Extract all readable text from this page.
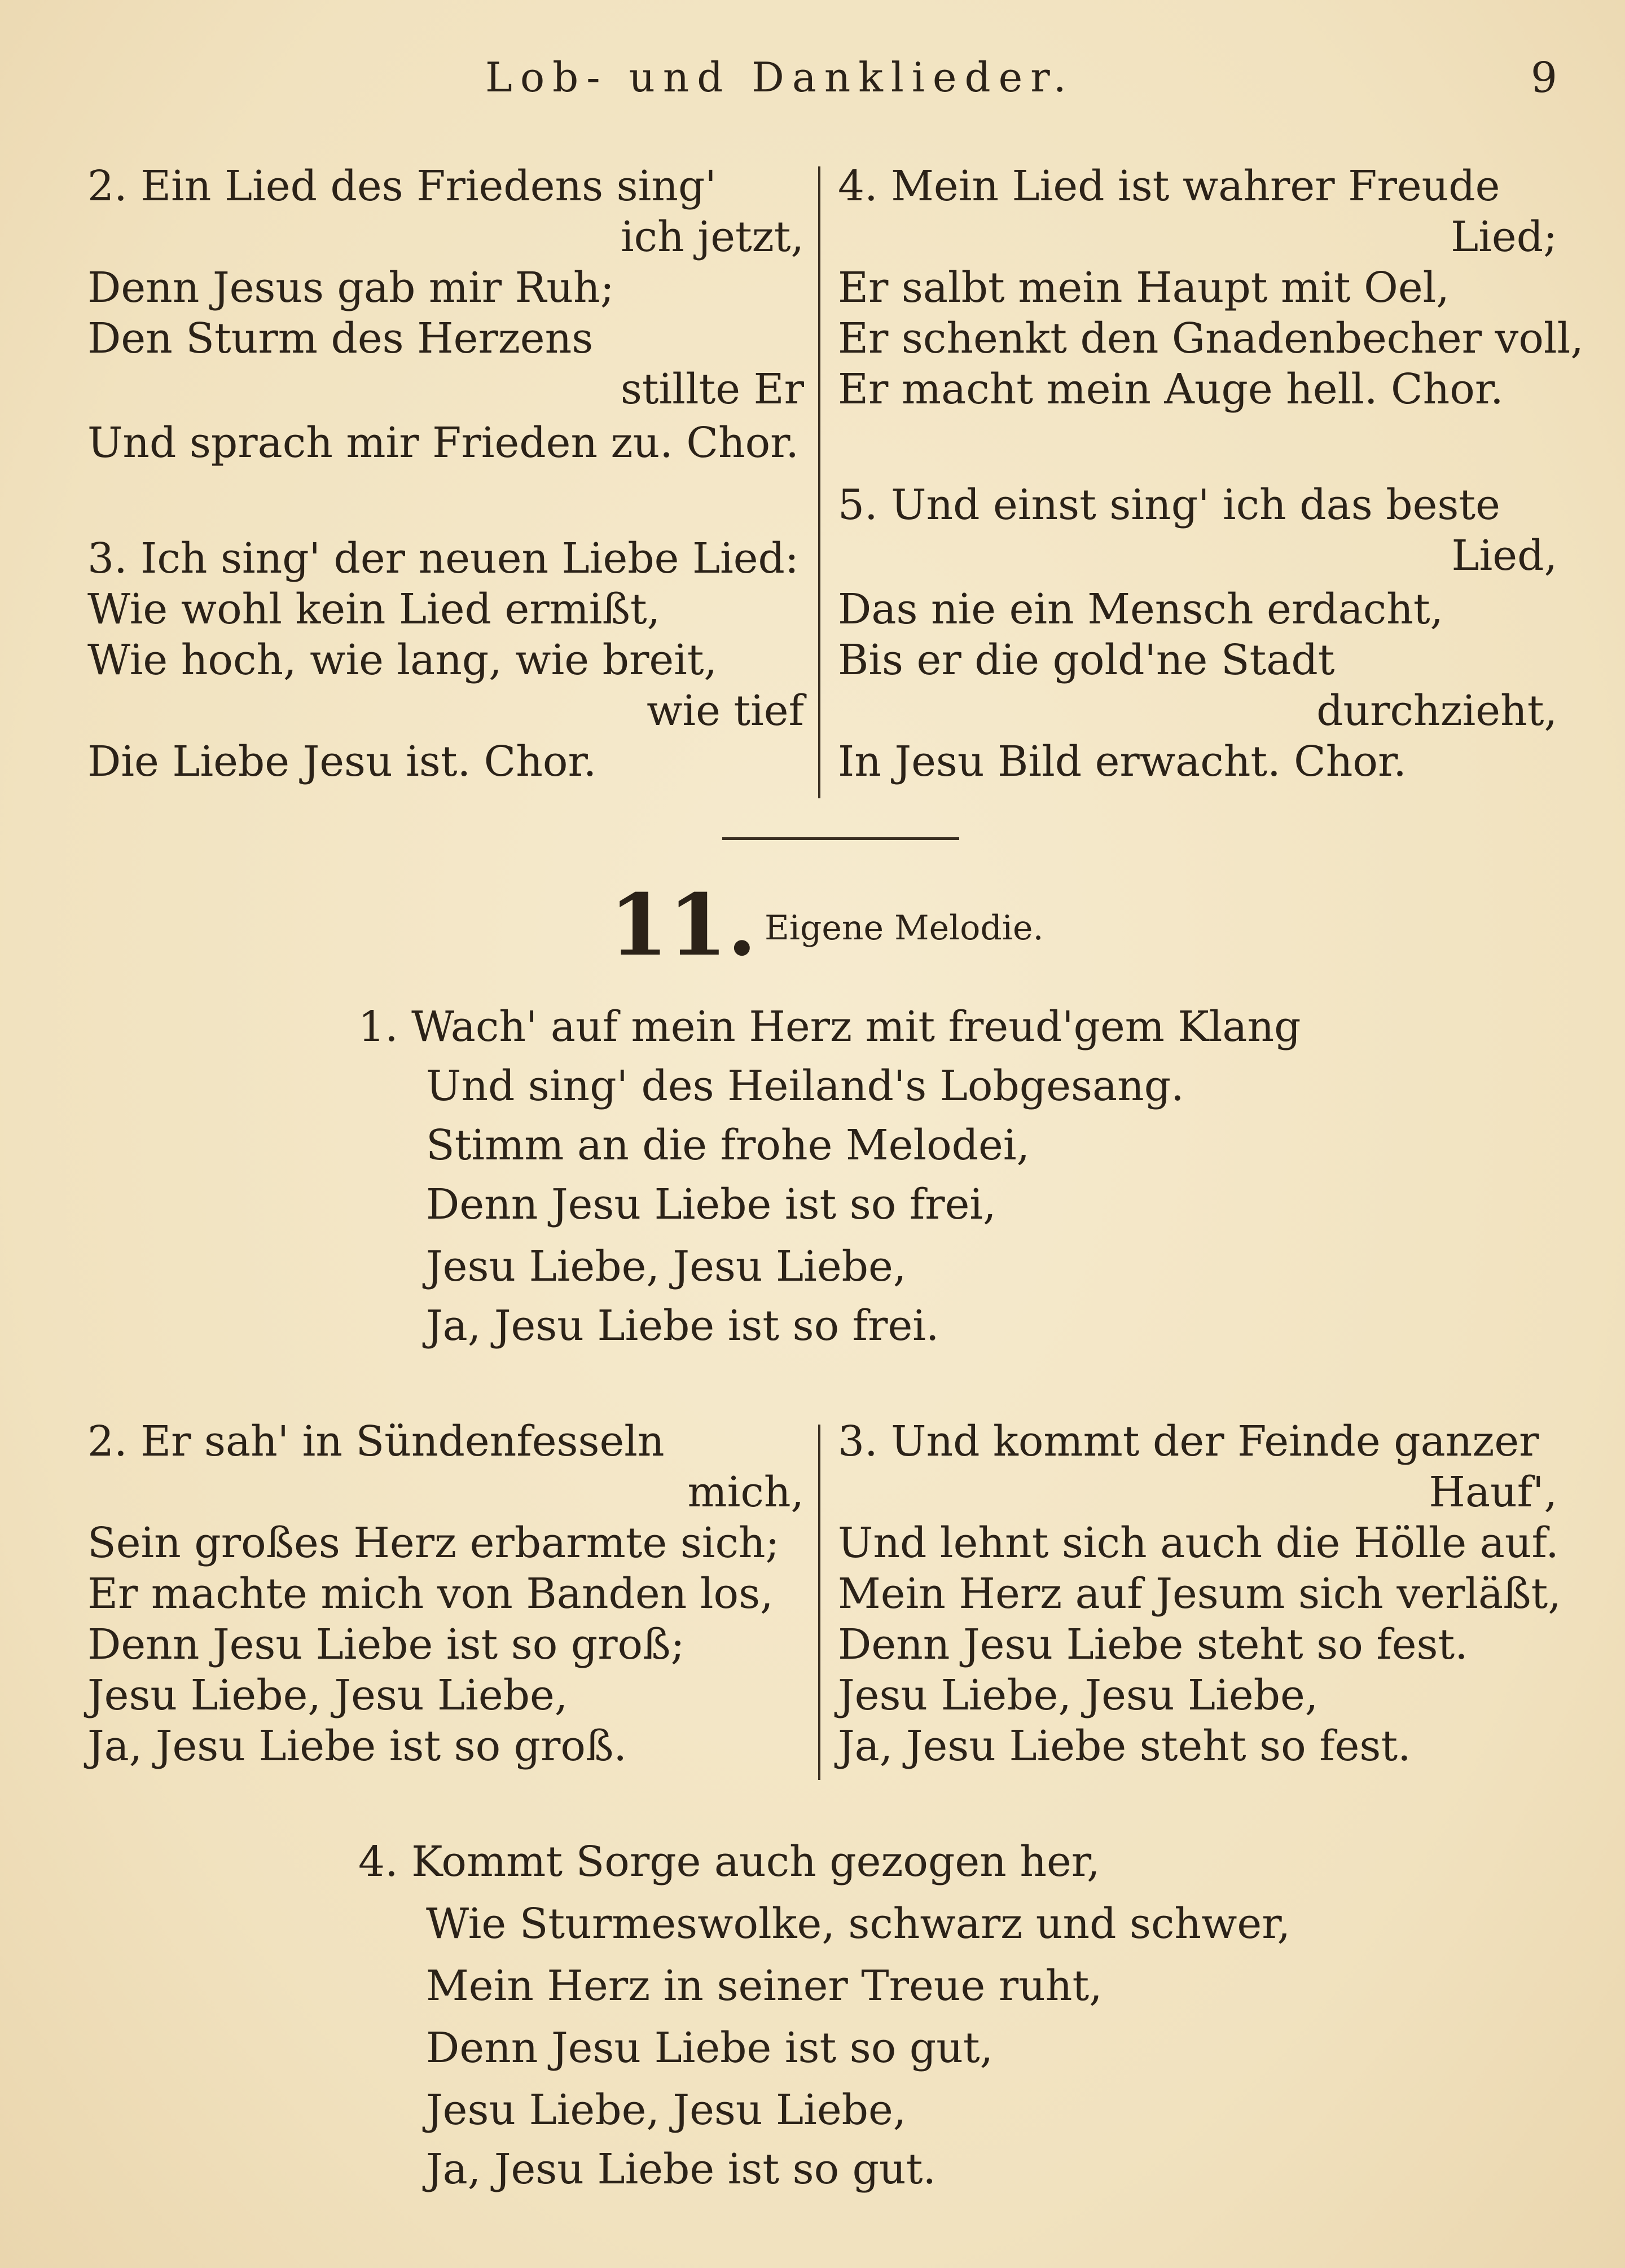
Lob- und Danklieder.	9
2. Ein Lied des Friedens sing'
ich jetzt,
Denn Jesus gab mir Ruh;
Den Sturm des Herzens
stillte Er
Und sprach mir Frieden zu. Chor.
3. Ich sing' der neuen Liebe Lied:
Wie wohl kein Lied ermißt,
Wie hoch, wie lang, wie breit,
wie tief
Die Liebe Jesu ist. Chor.
4. Mein Lied ist wahrer Freude
Lied;
Er salbt mein Haupt mit Oel,
Er schenkt den Gnadenbecher voll,
Er macht mein Auge hell. Chor.
5. Und einst sing' ich das beste
Lied,
Das nie ein Mensch erdacht,
Bis er die gold'ne Stadt
durchzieht,
In Jesu Bild erwacht. Chor.
11. Eigene Melodie.
1. Wach' auf mein Herz mit freud'gem Klang
Und sing' des Heiland's Lobgesang.
Stimm an die frohe Melodei,
Denn Jesu Liebe ist so frei,
Jesu Liebe, Jesu Liebe,
Ja, Jesu Liebe ist so frei.
2. Er sah' in Sündenfesseln
mich,
Sein großes Herz erbarmte sich;
Er machte mich von Banden los,
Denn Jesu Liebe ist so groß;
Jesu Liebe, Jesu Liebe,
Ja, Jesu Liebe ist so groß.
3. Und kommt der Feinde ganzer
Hauf',
Und lehnt sich auch die Hölle auf.
Mein Herz auf Jesum sich verläßt,
Denn Jesu Liebe steht so fest.
Jesu Liebe, Jesu Liebe,
Ja, Jesu Liebe steht so fest.
4. Kommt Sorge auch gezogen her,
Wie Sturmeswolke, schwarz und schwer,
Mein Herz in seiner Treue ruht,
Denn Jesu Liebe ist so gut,
Jesu Liebe, Jesu Liebe,
Ja, Jesu Liebe ist so gut.
